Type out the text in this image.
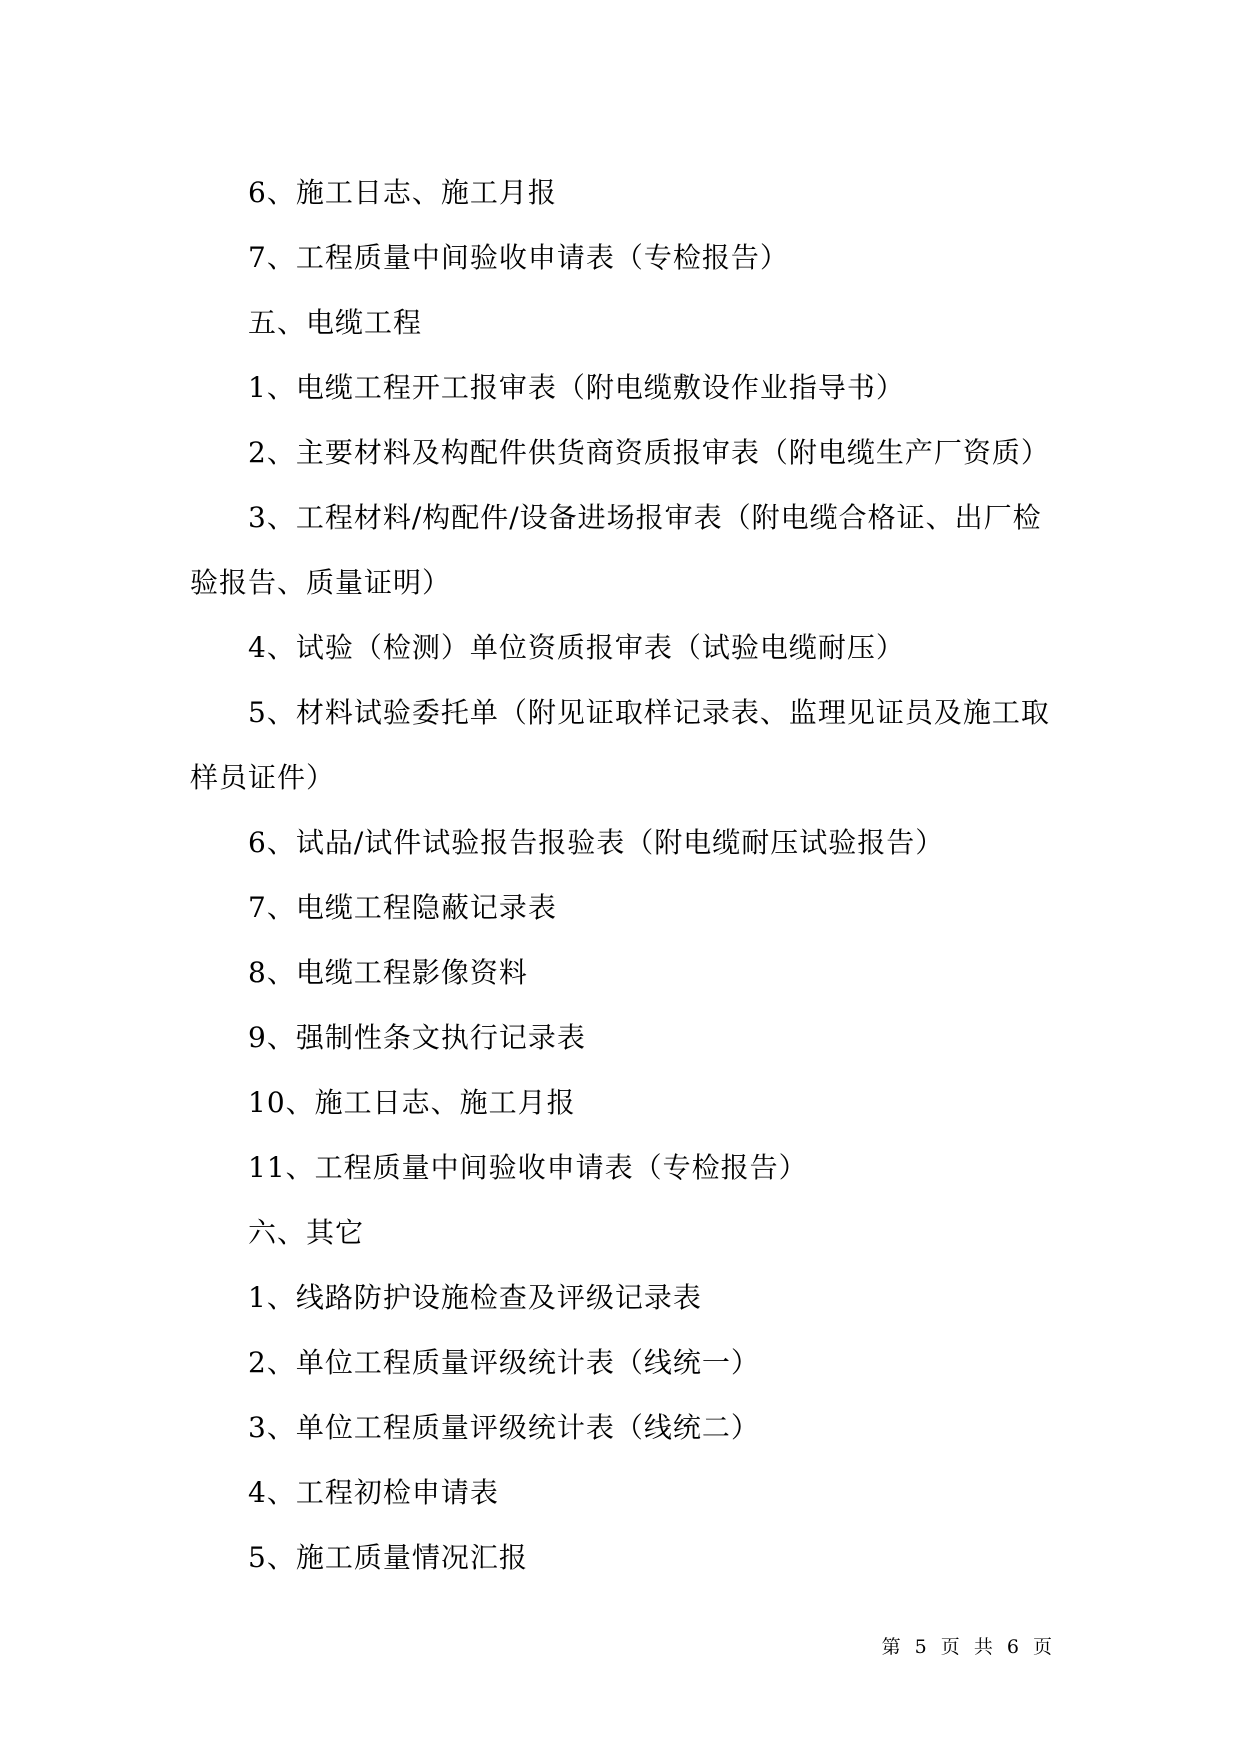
6、施工日志、施工月报
7、工程质量中间验收申请表（专检报告）
五、电缆工程
1、电缆工程开工报审表（附电缆敷设作业指导书）
2、主要材料及构配件供货商资质报审表（附电缆生产厂资质）
3、工程材料/构配件/设备进场报审表（附电缆合格证、出厂检
验报告、质量证明）
4、试验（检测）单位资质报审表（试验电缆耐压）
5、材料试验委托单（附见证取样记录表、监理见证员及施工取
样员证件）
6、试品/试件试验报告报验表（附电缆耐压试验报告）
7、电缆工程隐蔽记录表
8、电缆工程影像资料
9、强制性条文执行记录表
10、施工日志、施工月报
11、工程质量中间验收申请表（专检报告）
六、其它
1、线路防护设施检查及评级记录表
2、单位工程质量评级统计表（线统一）
3、单位工程质量评级统计表（线统二）
4、工程初检申请表
5、施工质量情况汇报
第 5 页 共 6 页
